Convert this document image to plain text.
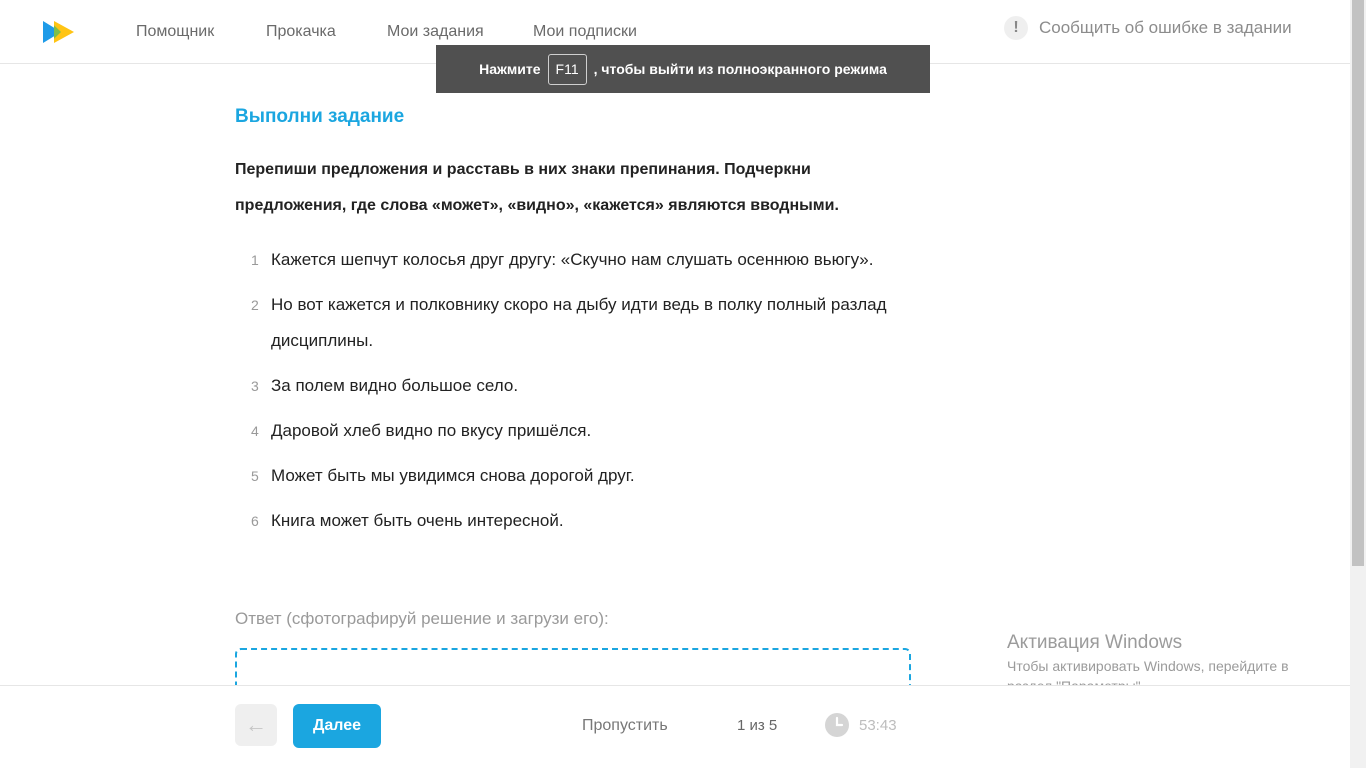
Помощник	Прокачка	Мои задания	Мои подписки	!	Сообщить об ошибке в задании
Нажмите	F11	, чтобы выйти из полноэкранного режима
Выполни задание
Перепиши предложения и расставь в них знаки препинания. Подчеркни предложения, где слова «может», «видно», «кажется» являются вводными.
1 Кажется шепчут колосья друг другу: «Скучно нам слушать осеннюю вьюгу».
2 Но вот кажется и полковнику скоро на дыбу идти ведь в полку полный разлад дисциплины.
3 За полем видно большое село.
4 Даровой хлеб видно по вкусу пришёлся.
5 Может быть мы увидимся снова дорогой друг.
6 Книга может быть очень интересной.
Ответ (сфотографируй решение и загрузи его):
Активация Windows
Чтобы активировать Windows, перейдите в
←	Далее	Пропустить	1 из 5	53:43
